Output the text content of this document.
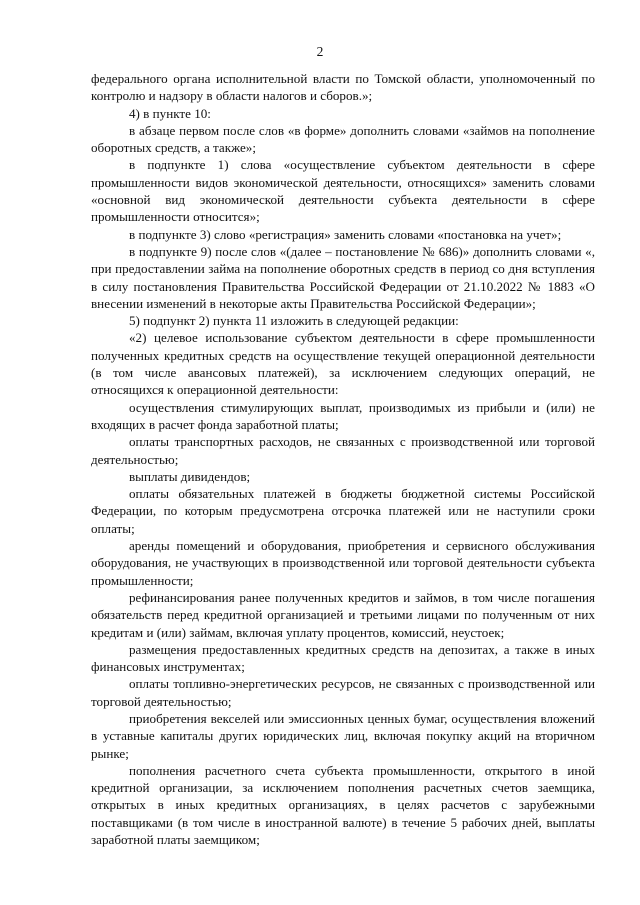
2

федерального органа исполнительной власти по Томской области, уполномоченный по контролю и надзору в области налогов и сборов.»;

4) в пункте 10:

в абзаце первом после слов «в форме» дополнить словами «займов на пополнение оборотных средств, а также»;

в подпункте 1) слова «осуществление субъектом деятельности в сфере промышленности видов экономической деятельности, относящихся» заменить словами «основной вид экономической деятельности субъекта деятельности в сфере промышленности относится»;

в подпункте 3) слово «регистрация» заменить словами «постановка на учет»;

в подпункте 9) после слов «(далее – постановление № 686)» дополнить словами «, при предоставлении займа на пополнение оборотных средств в период со дня вступления в силу постановления Правительства Российской Федерации от 21.10.2022 № 1883 «О внесении изменений в некоторые акты Правительства Российской Федерации»;

5) подпункт 2) пункта 11 изложить в следующей редакции:

«2) целевое использование субъектом деятельности в сфере промышленности полученных кредитных средств на осуществление текущей операционной деятельности (в том числе авансовых платежей), за исключением следующих операций, не относящихся к операционной деятельности:

осуществления стимулирующих выплат, производимых из прибыли и (или) не входящих в расчет фонда заработной платы;

оплаты транспортных расходов, не связанных с производственной или торговой деятельностью;

выплаты дивидендов;

оплаты обязательных платежей в бюджеты бюджетной системы Российской Федерации, по которым предусмотрена отсрочка платежей или не наступили сроки оплаты;

аренды помещений и оборудования, приобретения и сервисного обслуживания оборудования, не участвующих в производственной или торговой деятельности субъекта промышленности;

рефинансирования ранее полученных кредитов и займов, в том числе погашения обязательств перед кредитной организацией и третьими лицами по полученным от них кредитам и (или) займам, включая уплату процентов, комиссий, неустоек;

размещения предоставленных кредитных средств на депозитах, а также в иных финансовых инструментах;

оплаты топливно-энергетических ресурсов, не связанных с производственной или торговой деятельностью;

приобретения векселей или эмиссионных ценных бумаг, осуществления вложений в уставные капиталы других юридических лиц, включая покупку акций на вторичном рынке;

пополнения расчетного счета субъекта промышленности, открытого в иной кредитной организации, за исключением пополнения расчетных счетов заемщика, открытых в иных кредитных организациях, в целях расчетов с зарубежными поставщиками (в том числе в иностранной валюте) в течение 5 рабочих дней, выплаты заработной платы заемщиком;
